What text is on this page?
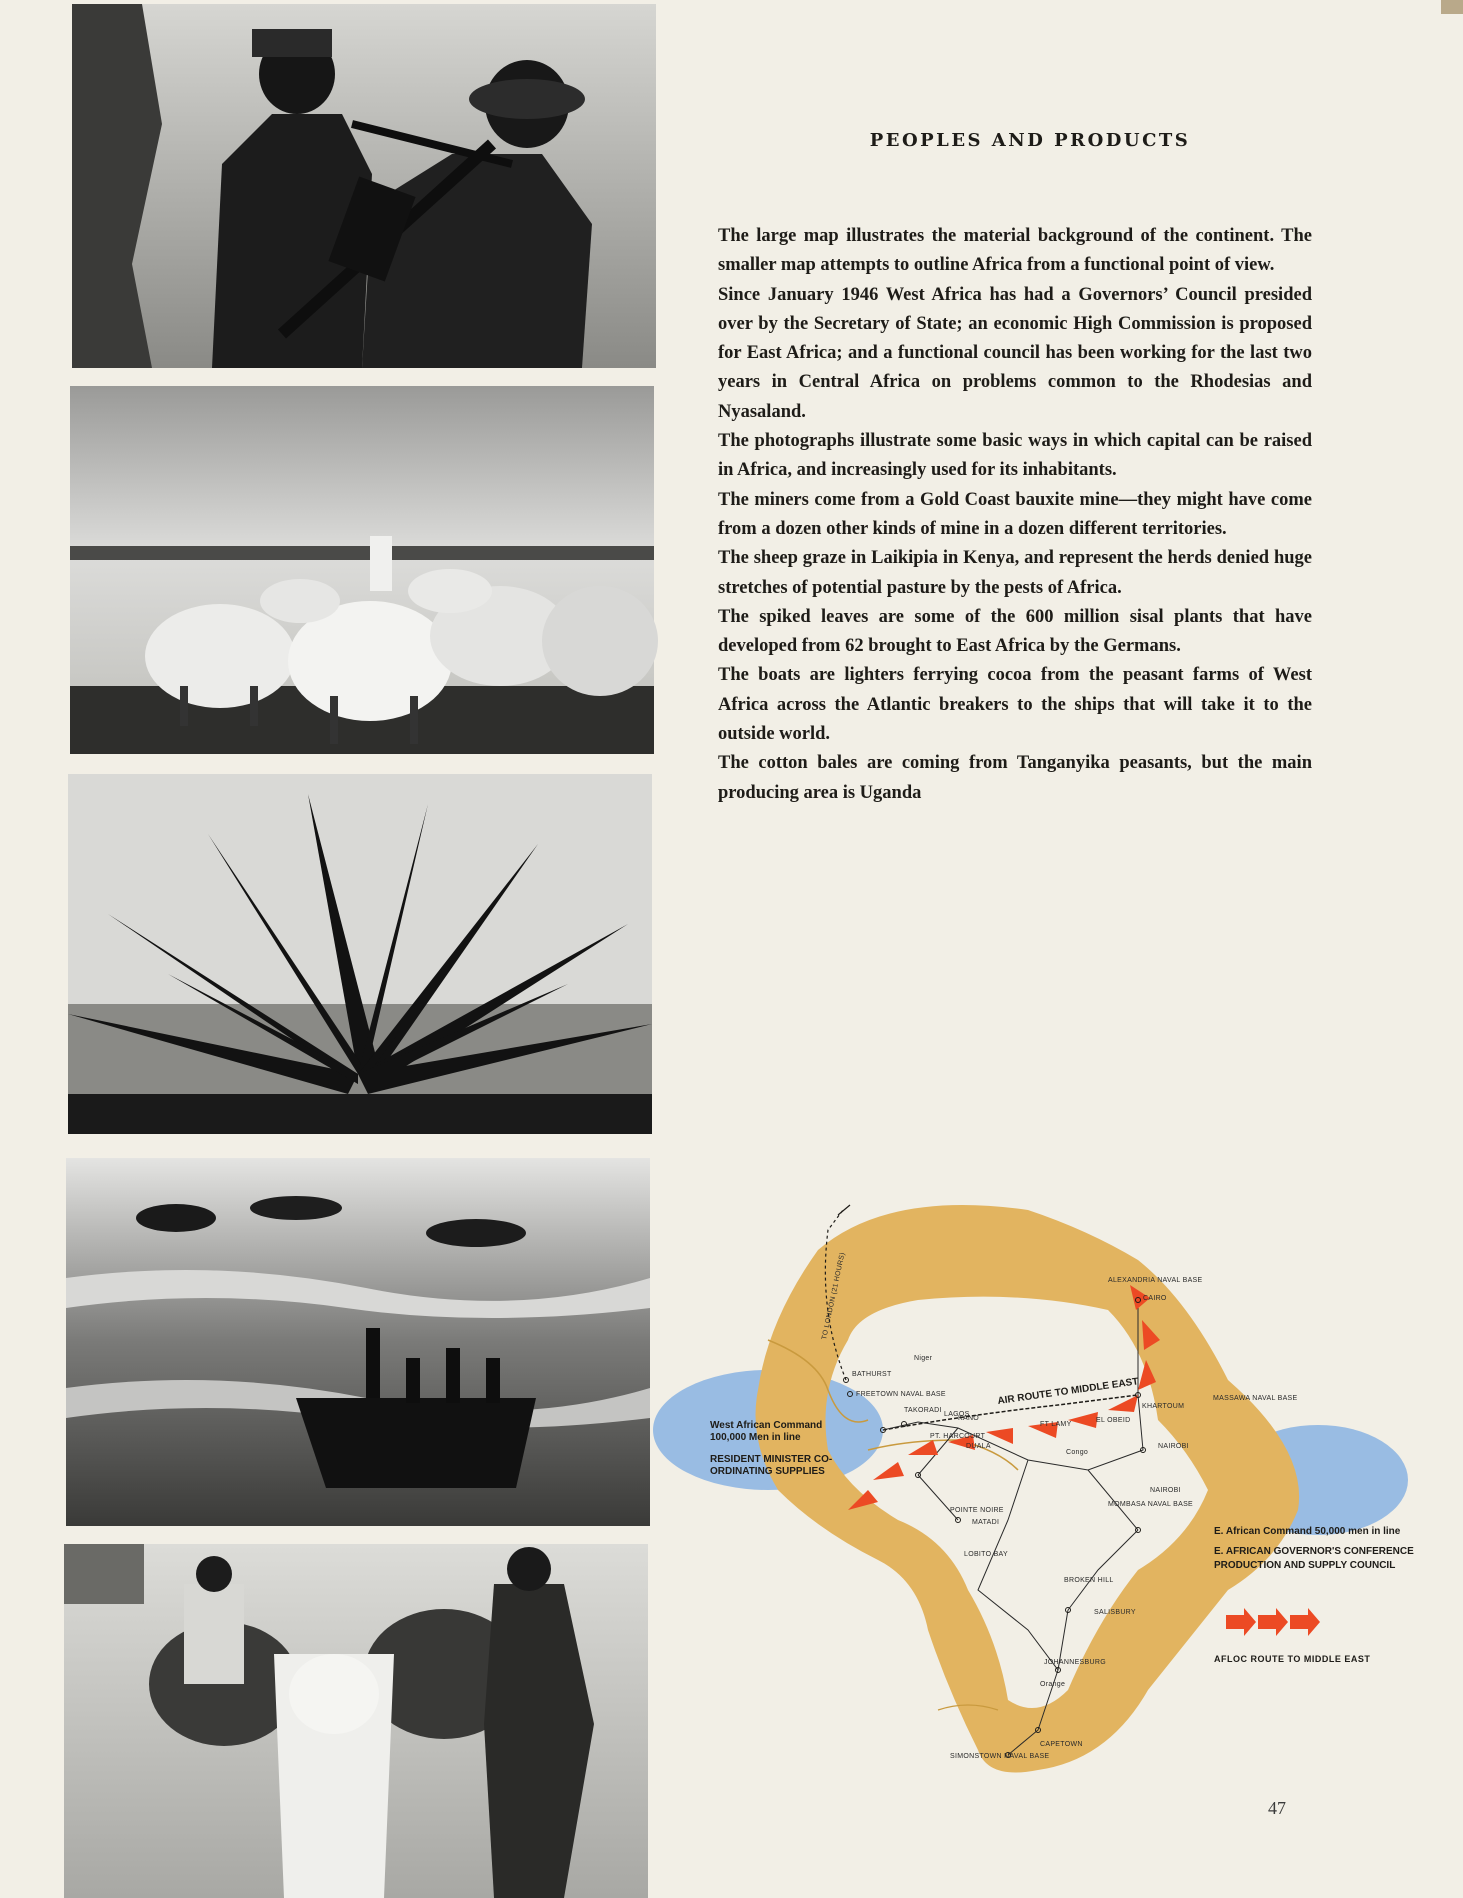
PEOPLES AND PRODUCTS

The large map illustrates the material background of the continent. The smaller map attempts to outline Africa from a functional point of view.

Since January 1946 West Africa has had a Governors’ Council presided over by the Secretary of State; an economic High Commission is proposed for East Africa; and a functional council has been working for the last two years in Central Africa on problems common to the Rhodesias and Nyasaland.

The photographs illustrate some basic ways in which capital can be raised in Africa, and increasingly used for its inhabitants.

The miners come from a Gold Coast bauxite mine—they might have come from a dozen other kinds of mine in a dozen different territories.

The sheep graze in Laikipia in Kenya, and represent the herds denied huge stretches of potential pasture by the pests of Africa.

The spiked leaves are some of the 600 million sisal plants that have developed from 62 brought to East Africa by the Germans.

The boats are lighters ferrying cocoa from the peasant farms of West Africa across the Atlantic breakers to the ships that will take it to the outside world.

The cotton bales are coming from Tanganyika peasants, but the main producing area is Uganda

TO LONDON (21 HOURS)
AIR ROUTE TO MIDDLE EAST
ALEXANDRIA NAVAL BASE
CAIRO
MASSAWA NAVAL BASE
KHARTOUM
EL OBEID
FT LAMY
KANO
BATHURST
FREETOWN NAVAL BASE
TAKORADI
LAGOS
PT. HARCOURT
DUALA
Congo
Niger
NAIROBI
NAIROBI
MOMBASA NAVAL BASE
POINTE NOIRE
MATADI
LOBITO BAY
BROKEN HILL
SALISBURY
JOHANNESBURG
Orange
CAPETOWN
SIMONSTOWN NAVAL BASE
West African Command
100,000 Men in line
RESIDENT MINISTER CO-
ORDINATING SUPPLIES
E. African Command 50,000 men in line
E. AFRICAN GOVERNOR'S CONFERENCE
PRODUCTION AND SUPPLY COUNCIL
AFLOC ROUTE TO MIDDLE EAST
47
